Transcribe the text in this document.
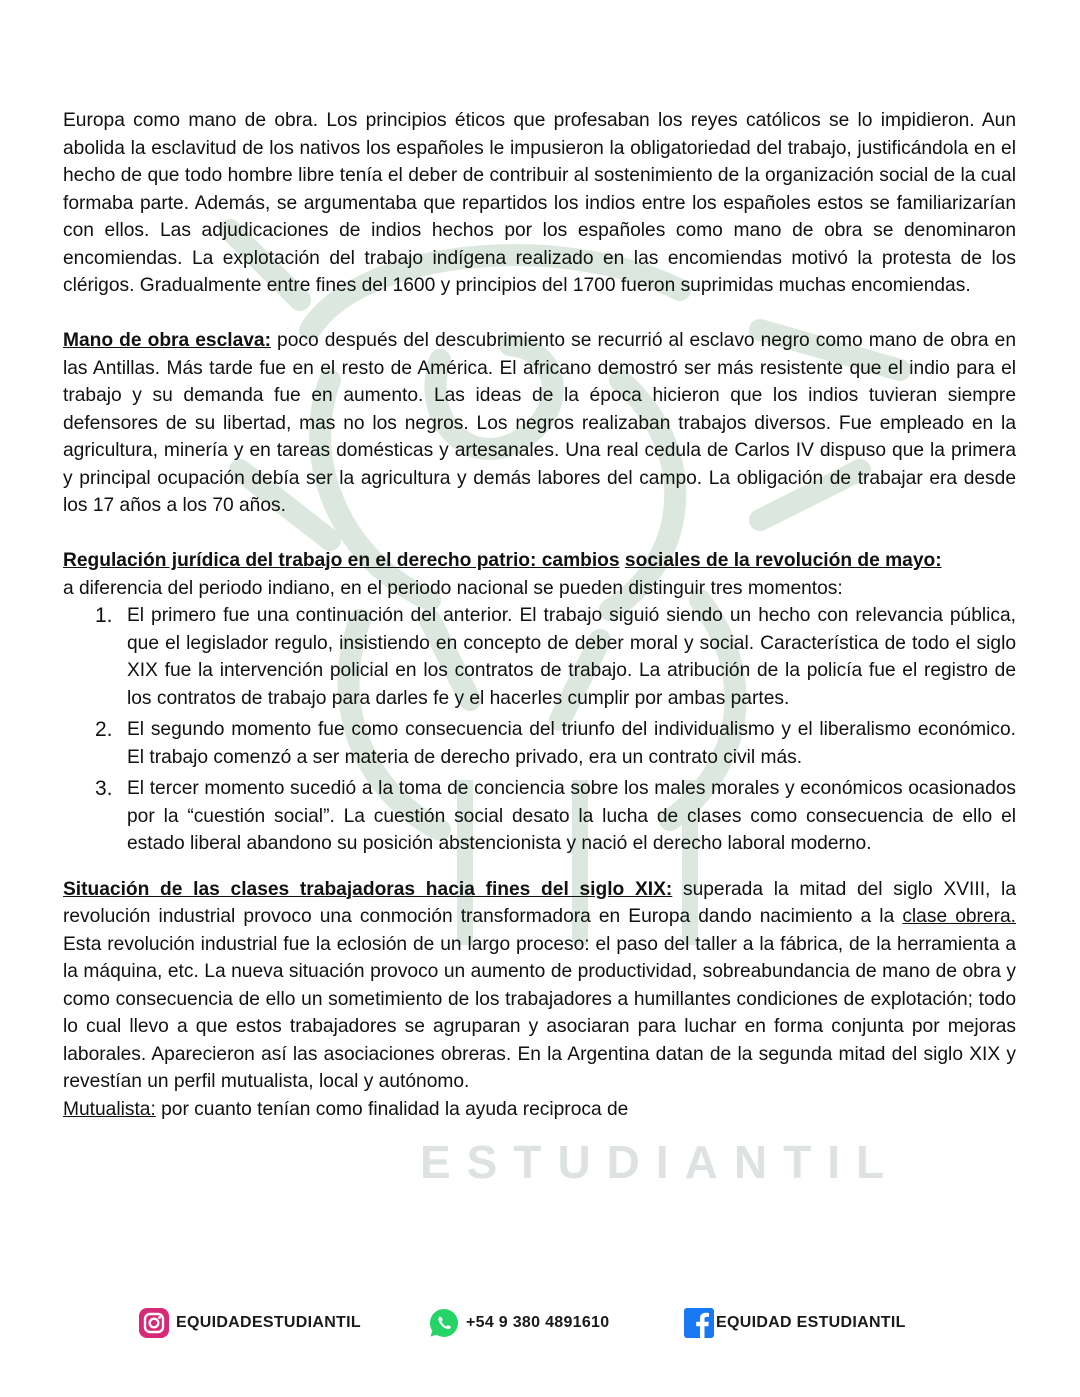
ESTUDIANTIL

Europa como mano de obra. Los principios éticos que profesaban los reyes católicos se lo impidieron. Aun abolida la esclavitud de los nativos los españoles le impusieron la obligatoriedad del trabajo, justificándola en el hecho de que todo hombre libre tenía el deber de contribuir al sostenimiento de la organización social de la cual formaba parte. Además, se argumentaba que repartidos los indios entre los españoles estos se familiarizarían con ellos. Las adjudicaciones de indios hechos por los españoles como mano de obra se denominaron encomiendas. La explotación del trabajo indígena realizado en las encomiendas motivó la protesta de los clérigos. Gradualmente entre fines del 1600 y principios del 1700 fueron suprimidas muchas encomiendas.

Mano de obra esclava: poco después del descubrimiento se recurrió al esclavo negro como mano de obra en las Antillas. Más tarde fue en el resto de América. El africano demostró ser más resistente que el indio para el trabajo y su demanda fue en aumento. Las ideas de la época hicieron que los indios tuvieran siempre defensores de su libertad, mas no los negros. Los negros realizaban trabajos diversos. Fue empleado en la agricultura, minería y en tareas domésticas y artesanales. Una real cedula de Carlos IV dispuso que la primera y principal ocupación debía ser la agricultura y demás labores del campo. La obligación de trabajar era desde los 17 años a los 70 años.

Regulación jurídica del trabajo en el derecho patrio: cambios sociales de la revolución de mayo:
a diferencia del periodo indiano, en el periodo nacional se pueden distinguir tres momentos:

1. El primero fue una continuación del anterior. El trabajo siguió siendo un hecho con relevancia pública, que el legislador regulo, insistiendo en concepto de deber moral y social. Característica de todo el siglo XIX fue la intervención policial en los contratos de trabajo. La atribución de la policía fue el registro de los contratos de trabajo para darles fe y el hacerles cumplir por ambas partes.
2. El segundo momento fue como consecuencia del triunfo del individualismo y el liberalismo económico. El trabajo comenzó a ser materia de derecho privado, era un contrato civil más.
3. El tercer momento sucedió a la toma de conciencia sobre los males morales y económicos ocasionados por la “cuestión social”. La cuestión social desato la lucha de clases como consecuencia de ello el estado liberal abandono su posición abstencionista y nació el derecho laboral moderno.

Situación de las clases trabajadoras hacia fines del siglo XIX: superada la mitad del siglo XVIII, la revolución industrial provoco una conmoción transformadora en Europa dando nacimiento a la clase obrera. Esta revolución industrial fue la eclosión de un largo proceso: el paso del taller a la fábrica, de la herramienta a la máquina, etc. La nueva situación provoco un aumento de productividad, sobreabundancia de mano de obra y como consecuencia de ello un sometimiento de los trabajadores a humillantes condiciones de explotación; todo lo cual llevo a que estos trabajadores se agruparan y asociaran para luchar en forma conjunta por mejoras laborales. Aparecieron así las asociaciones obreras. En la Argentina datan de la segunda mitad del siglo XIX y revestían un perfil mutualista, local y autónomo.

Mutualista: por cuanto tenían como finalidad la ayuda reciproca de

EQUIDADESTUDIANTIL	+54 9 380 4891610	EQUIDAD ESTUDIANTIL
